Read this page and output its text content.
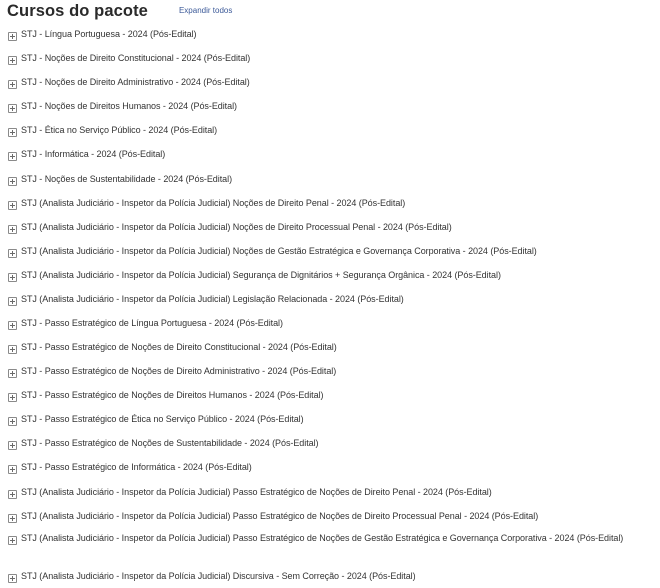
Cursos do pacote	Expandir todos
STJ - Língua Portuguesa - 2024 (Pós-Edital)
STJ - Noções de Direito Constitucional - 2024 (Pós-Edital)
STJ - Noções de Direito Administrativo - 2024 (Pós-Edital)
STJ - Noções de Direitos Humanos - 2024 (Pós-Edital)
STJ - Ética no Serviço Público - 2024 (Pós-Edital)
STJ - Informática - 2024 (Pós-Edital)
STJ - Noções de Sustentabilidade - 2024 (Pós-Edital)
STJ (Analista Judiciário - Inspetor da Polícia Judicial) Noções de Direito Penal - 2024 (Pós-Edital)
STJ (Analista Judiciário - Inspetor da Polícia Judicial) Noções de Direito Processual Penal - 2024 (Pós-Edital)
STJ (Analista Judiciário - Inspetor da Polícia Judicial) Noções de Gestão Estratégica e Governança Corporativa - 2024 (Pós-Edital)
STJ (Analista Judiciário - Inspetor da Polícia Judicial) Segurança de Dignitários + Segurança Orgânica - 2024 (Pós-Edital)
STJ (Analista Judiciário - Inspetor da Polícia Judicial) Legislação Relacionada - 2024 (Pós-Edital)
STJ - Passo Estratégico de Língua Portuguesa - 2024 (Pós-Edital)
STJ - Passo Estratégico de Noções de Direito Constitucional - 2024 (Pós-Edital)
STJ - Passo Estratégico de Noções de Direito Administrativo - 2024 (Pós-Edital)
STJ - Passo Estratégico de Noções de Direitos Humanos - 2024 (Pós-Edital)
STJ - Passo Estratégico de Ética no Serviço Público - 2024 (Pós-Edital)
STJ - Passo Estratégico de Noções de Sustentabilidade - 2024 (Pós-Edital)
STJ - Passo Estratégico de Informática - 2024 (Pós-Edital)
STJ (Analista Judiciário - Inspetor da Polícia Judicial) Passo Estratégico de Noções de Direito Penal - 2024 (Pós-Edital)
STJ (Analista Judiciário - Inspetor da Polícia Judicial) Passo Estratégico de Noções de Direito Processual Penal - 2024 (Pós-Edital)
STJ (Analista Judiciário - Inspetor da Polícia Judicial) Passo Estratégico de Noções de Gestão Estratégica e Governança Corporativa - 2024 (Pós-Edital)
STJ (Analista Judiciário - Inspetor da Polícia Judicial) Discursiva - Sem Correção - 2024 (Pós-Edital)
